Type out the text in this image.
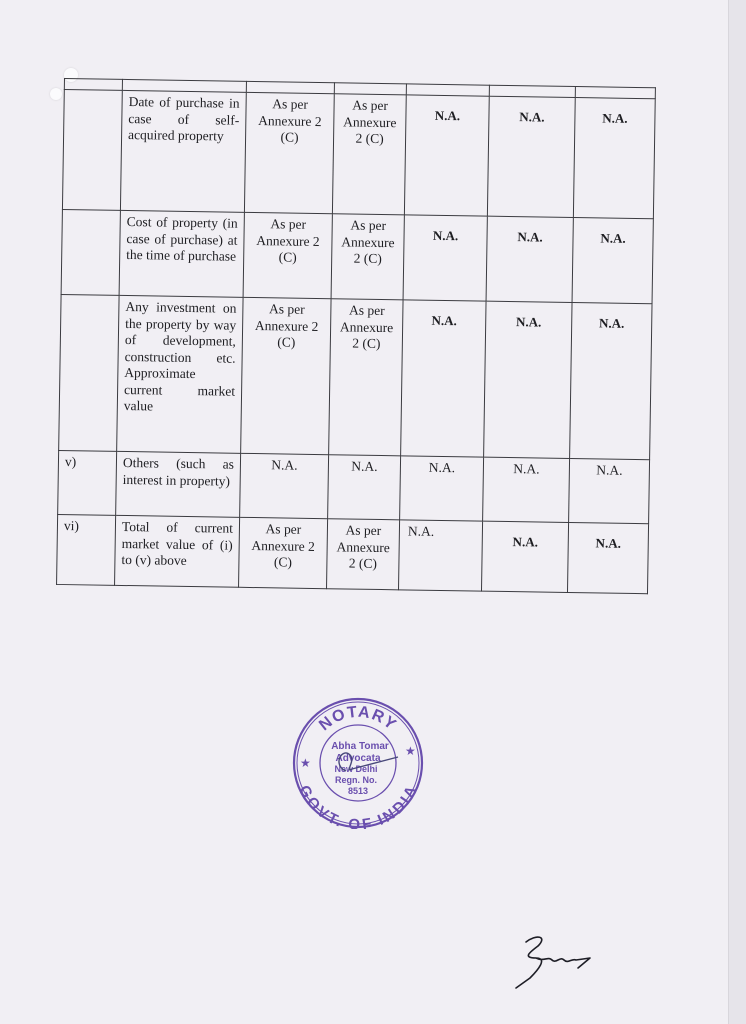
	Date of purchase in case of self-acquired property	As per Annexure 2 (C)	As per Annexure 2 (C)	N.A.	N.A.	N.A.
	Cost of property (in case of purchase) at the time of purchase	As per Annexure 2 (C)	As per Annexure 2 (C)	N.A.	N.A.	N.A.
	Any investment on the property by way of development, construction etc. Approximate current market value	As per Annexure 2 (C)	As per Annexure 2 (C)	N.A.	N.A.	N.A.
v)	Others (such as interest in property)	N.A.	N.A.	N.A.	N.A.	N.A.
vi)	Total of current market value of (i) to (v) above	As per Annexure 2 (C)	As per Annexure 2 (C)	N.A.	N.A.	N.A.
NOTARY
GOVT. OF INDIA
★
★
Abha Tomar
Advocata
New Delhi
Regn. No.
8513
